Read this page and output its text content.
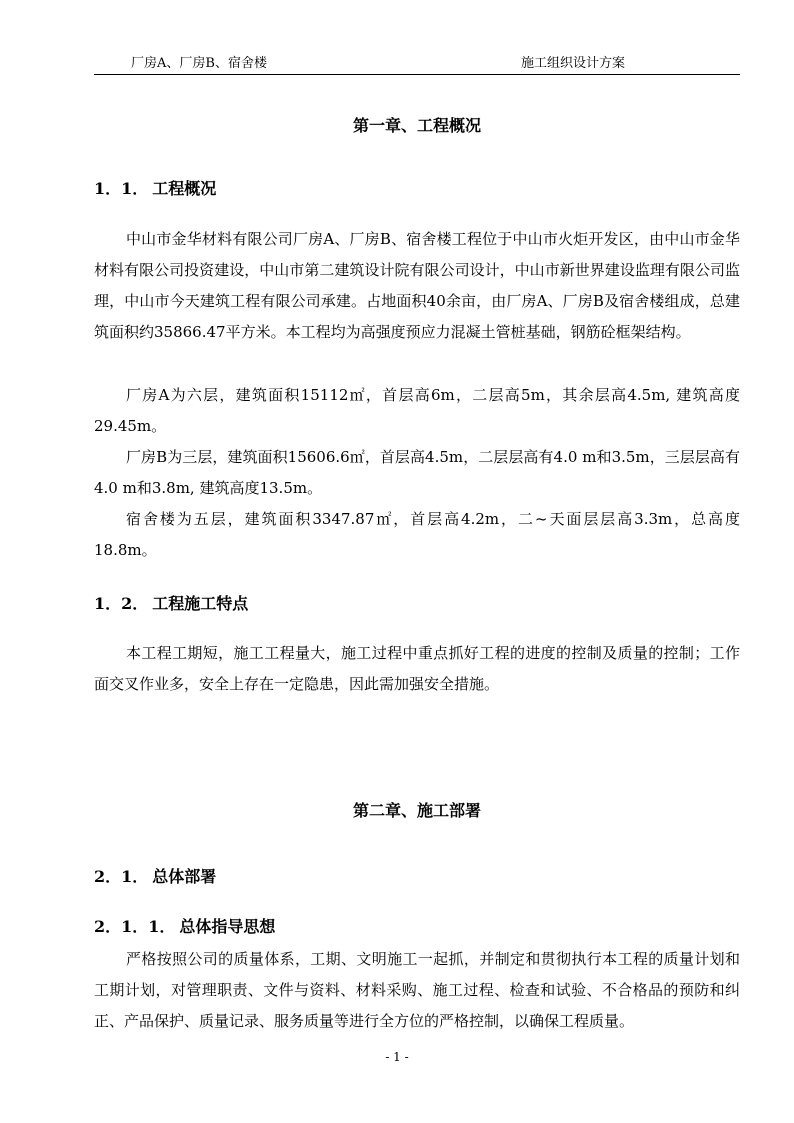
厂房A、厂房B、宿舍楼	施工组织设计方案
第一章、工程概况
1．1． 工程概况

中山市金华材料有限公司厂房A、厂房B、宿舍楼工程位于中山市火炬开发区，由中山市金华材料有限公司投资建设，中山市第二建筑设计院有限公司设计，中山市新世界建设监理有限公司监理，中山市今天建筑工程有限公司承建。占地面积40余亩，由厂房A、厂房B及宿舍楼组成，总建筑面积约35866.47平方米。本工程均为高强度预应力混凝土管桩基础，钢筋砼框架结构。

厂房A为六层，建筑面积15112㎡，首层高6m，二层高5m，其余层高4.5m, 建筑高度29.45m。

厂房B为三层，建筑面积15606.6㎡，首层高4.5m，二层层高有4.0 m和3.5m，三层层高有4.0 m和3.8m, 建筑高度13.5m。

宿舍楼为五层，建筑面积3347.87㎡，首层高4.2m，二~天面层层高3.3m，总高度18.8m。

1．2． 工程施工特点

本工程工期短，施工工程量大，施工过程中重点抓好工程的进度的控制及质量的控制；工作面交叉作业多，安全上存在一定隐患，因此需加强安全措施。

第二章、施工部署
2．1． 总体部署
2．1．1． 总体指导思想

严格按照公司的质量体系，工期、文明施工一起抓，并制定和贯彻执行本工程的质量计划和工期计划，对管理职责、文件与资料、材料采购、施工过程、检查和试验、不合格品的预防和纠正、产品保护、质量记录、服务质量等进行全方位的严格控制，以确保工程质量。

- 1 -
